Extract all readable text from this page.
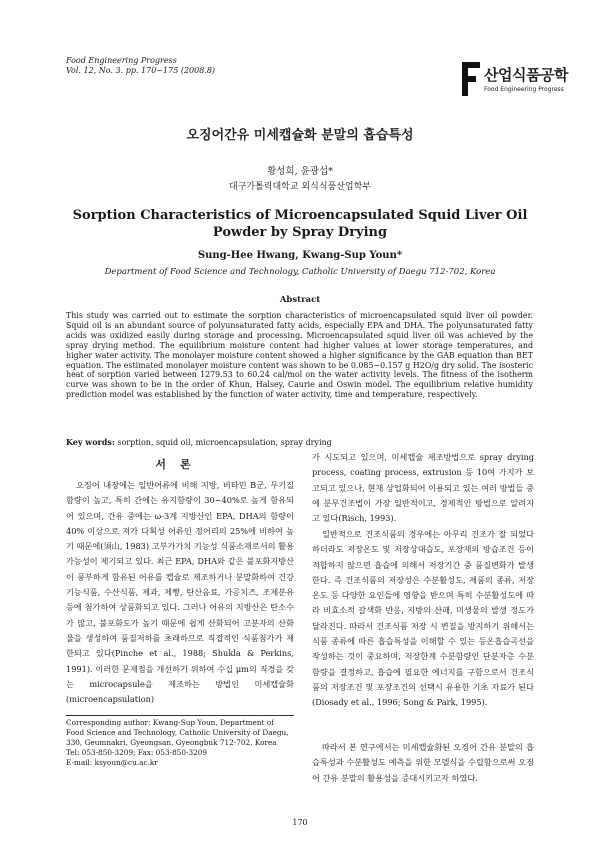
Food Engineering Progress
Vol. 12, No. 3. pp. 170~175 (2008.8)	산업식품공학
Food Engineering Progress
오징어간유 미세캡슐화 분말의 흡습특성
황성희, 윤광섭*
대구가톨릭대학교 외식식품산업학부
Sorption Characteristics of Microencapsulated Squid Liver Oil
Powder by Spray Drying
Sung-Hee Hwang, Kwang-Sup Youn*
Department of Food Science and Technology, Catholic University of Daegu 712-702, Korea
Abstract

This study was carried out to estimate the sorption characteristics of microencapsulated squid liver oil powder. Squid oil is an abundant source of polyunsaturated fatty acids, especially EPA and DHA. The polyunsaturated fatty acids was oxidized easily during storage and processing. Microencapsulated squid liver oil was achieved by the spray drying method. The equilibrium moisture content had higher values at lower storage temperatures, and higher water activity. The monolayer moisture content showed a higher significance by the GAB equation than BET equation. The estimated monolayer moisture content was shown to be 0.085~0.157 g H2O/g dry solid. The isosteric heat of sorption varied between 1279.53 to 60.24 cal/mol on the water activity levels. The fitness of the isotherm curve was shown to be in the order of Khun, Halsey, Caurie and Oswin model. The equilibrium relative humidity prediction model was established by the function of water activity, time and temperature, respectively.

Key words: sorption, squid oil, microencapsulation, spray drying
서론

오징어 내장에는 일반어류에 비해 지방, 비타민 B군, 무기질 함량이 높고, 특히 간에는 유지함량이 30~40%로 높게 함유되어 있으며, 간유 중에는 ω-3계 지방산인 EPA, DHA의 함량이 40% 이상으로 져가 다획성 어류인 정어리의 25%에 비하여 높기 때문에(須山, 1983) 고부가가치 기능성 식품소재로서의 활용 가능성이 제기되고 있다. 최근 EPA, DHA와 같은 불포화지방산이 풍부하게 함유된 어유를 캡슐로 제조하거나 분말화하여 건강기능식품, 수산식품, 제과, 제빵, 탄산음료, 가공치즈, 조제분유 등에 첨가하여 상품화되고 있다. 그러나 어유의 지방산은 탄소수가 많고, 불포화도가 높기 때문에 쉽게 산화되어 고분자의 산화물을 생성하여 품질저하를 초래하므로 직접적인 식품첨가가 제한되고 있다(Pinche et al., 1988; Shukla & Perkins, 1991). 이러한 문제점을 개선하기 위하여 수십 μm의 직경을 갖는 microcapsule을 제조하는 방법인 미세캡슐화(microencapsulation)

가 시도되고 있으며, 미세캡슐 제조방법으로 spray drying process, coating process, extrusion 등 10여 가지가 보고되고 있으나, 현재 상업화되어 이용되고 있는 여러 방법들 중에 분무건조법이 가장 일반적이고, 경제적인 방법으로 알려지고 있다(Risch, 1993).

일반적으로 건조식품의 경우에는 아무리 건조가 잘 되었다 하더라도 저장온도 및 저장상대습도, 포장재의 방습조건 등이 적합하지 않으면 흡습에 의해서 저장기간 중 품질변화가 발생한다. 즉 건조식품의 저장성은 수분활성도, 제품의 종류, 저장 온도 등 다양한 요인들에 영향을 받으며 특히 수분활성도에 따라 비효소적 갈색화 반응, 지방의 산패, 미생물의 발생 정도가 달라진다. 따라서 건조식품 저장 시 변질을 방지하기 위해서는 식품 종류에 따른 흡습특성을 이해할 수 있는 등온흡습곡선을 작성하는 것이 중요하며, 저장한계 수분함량인 단분자층 수분함량을 결정하고, 흡습에 필요한 에너지를 구함으로서 건조식품의 저장조건 및 포장조건의 선택시 유용한 기초 자료가 된다(Diosady et al., 1996; Song & Park, 1995).

따라서 본 연구에서는 미세캡슐화된 오징어 간유 분말의 흡습특성과 수분활성도 예측을 위한 모델식을 수립함으로써 오징어 간유 분말의 활용성을 증대시키고자 하였다.

Corresponding author: Kwang-Sup Youn, Department of Food Science and Technology, Catholic University of Daegu, 330, Geumnakri, Gyeongsan, Gyeongbuk 712-702, Korea
Tel: 053-850-3209; Fax: 053-850-3209
E-mail: ksyoun@cu.ac.kr
170
